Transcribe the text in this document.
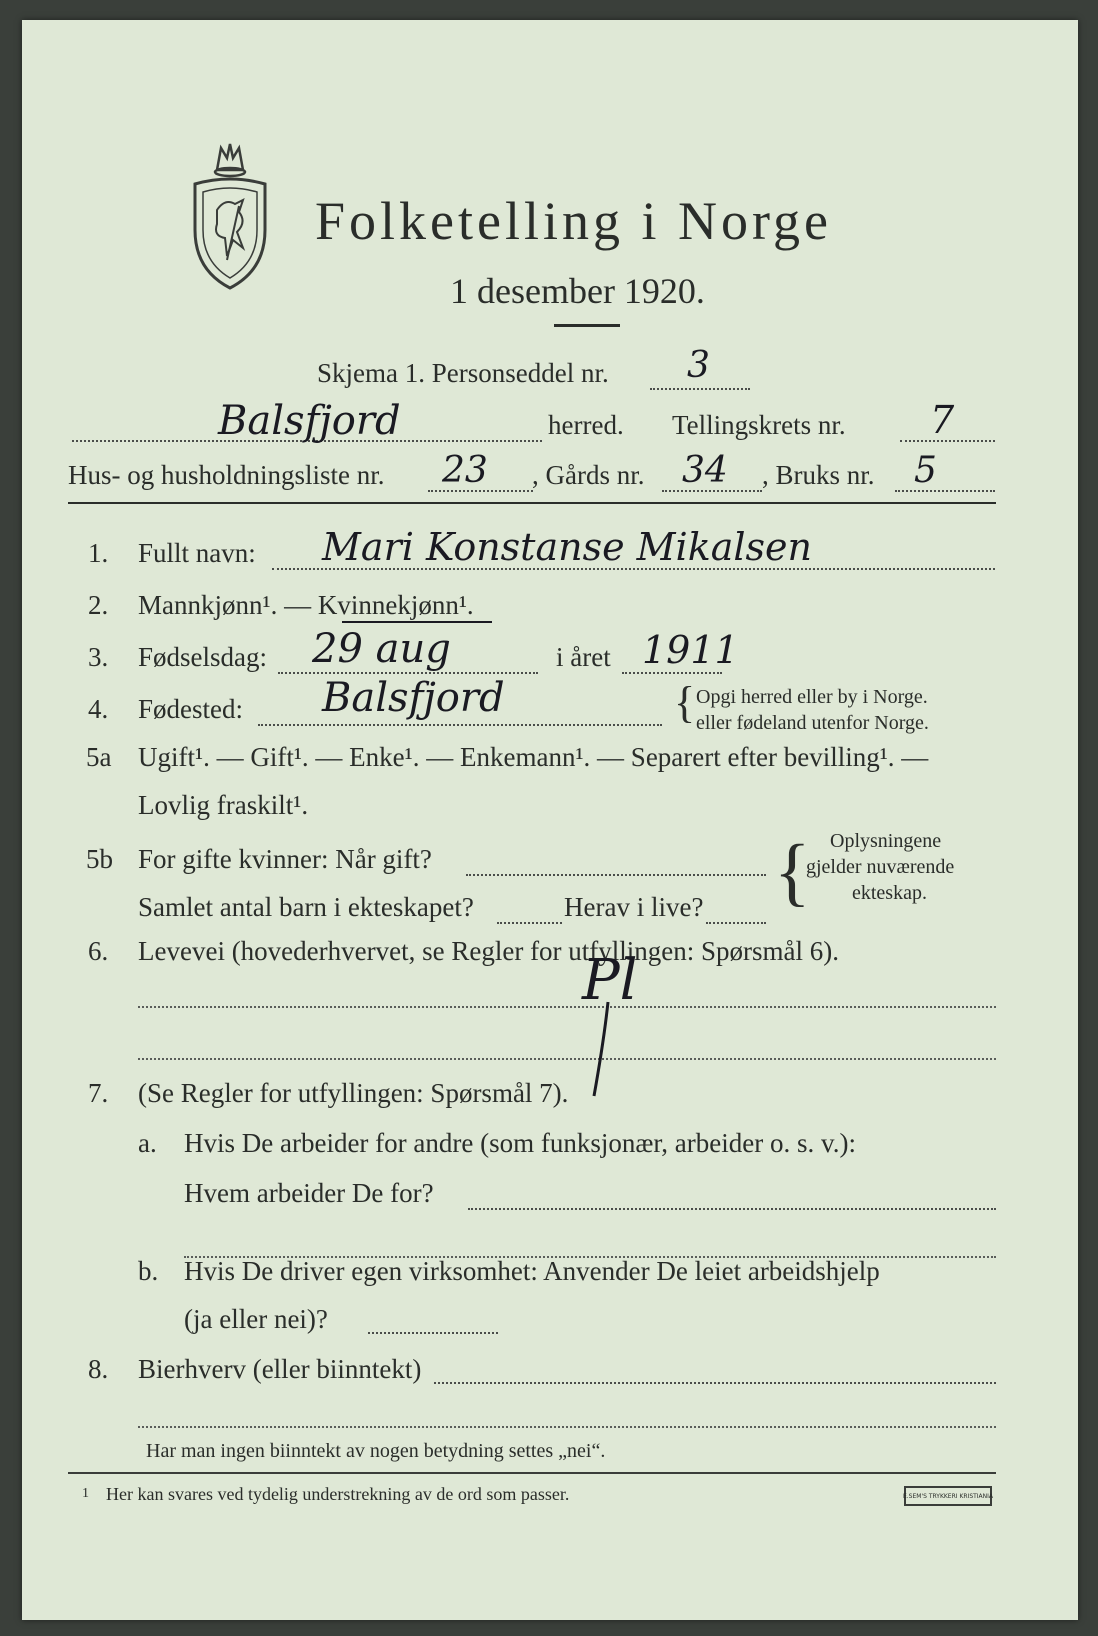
Folketelling i Norge
1 desember 1920.
Skjema 1. Personseddel nr. 3
Balsfjord	herred. Tellingskrets nr. 7
Hus- og husholdningsliste nr. 23 , Gårds nr. 34 , Bruks nr. 5
1. Fullt navn: Mari Konstanse Mikalsen
2. Mannkjønn¹. — Kvinnekjønn¹.
3. Fødselsdag: 29 aug	i året 1911
4. Fødested: Balsfjord	{ Opgi herred eller by i Norge.
eller fødeland utenfor Norge.
5a Ugift¹. — Gift¹. — Enke¹. — Enkemann¹. — Separert efter bevilling¹. —
Lovlig fraskilt¹.
5b For gifte kvinner: Når gift?
Samlet antal barn i ekteskapet?	Herav i live? { Oplysningene
gjelder nuværende
ekteskap.
6. Levevei (hovederhvervet, se Regler for utfyllingen: Spørsmål 6).
Pl
7. (Se Regler for utfyllingen: Spørsmål 7).
a. Hvis De arbeider for andre (som funksjonær, arbeider o. s. v.):
Hvem arbeider De for?
b. Hvis De driver egen virksomhet: Anvender De leiet arbeidshjelp
(ja eller nei)?
8. Bierhverv (eller biinntekt)
Har man ingen biinntekt av nogen betydning settes „nei“.
1 Her kan svares ved tydelig understrekning av de ord som passer.	E.SEM'S TRYKKERI KRISTIANIA
